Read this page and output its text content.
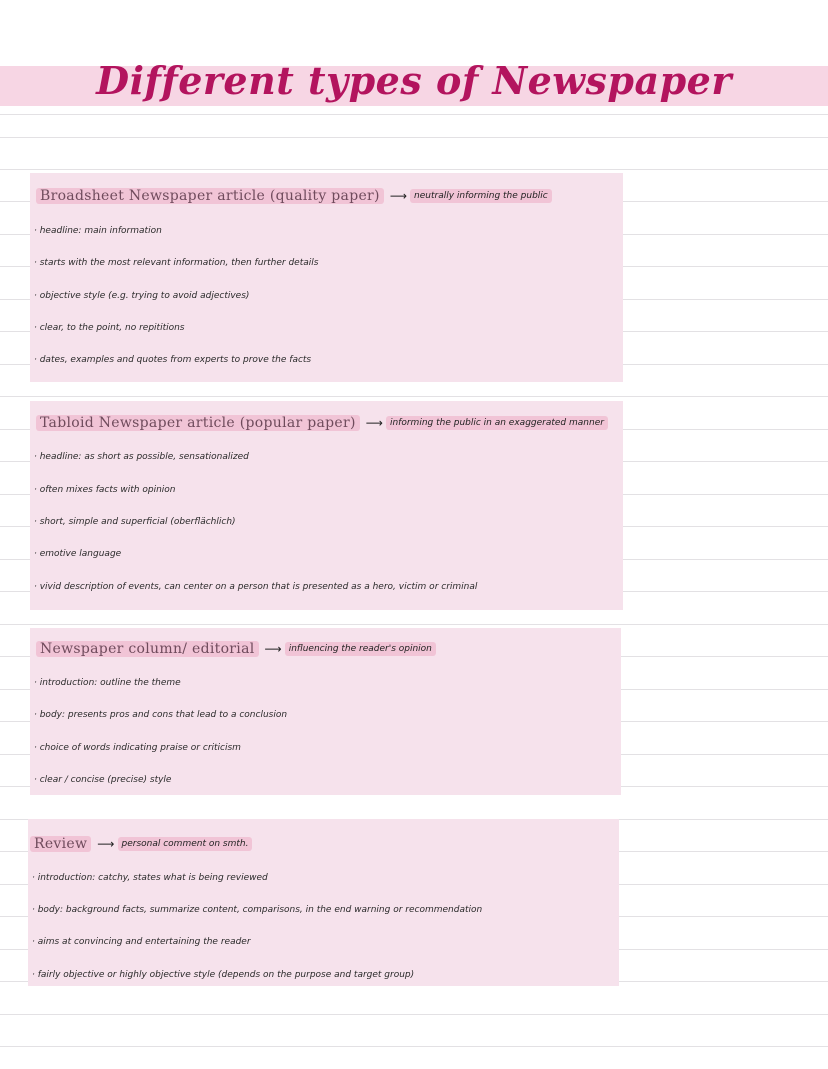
Different types of Newspaper
Broadsheet Newspaper article (quality paper) ⟶ neutrally informing the public
· headline: main information
· starts with the most relevant information, then further details
· objective style (e.g. trying to avoid adjectives)
· clear, to the point, no repititions
· dates, examples and quotes from experts to prove the facts
Tabloid Newspaper article (popular paper) ⟶ informing the public in an exaggerated manner
· headline: as short as possible, sensationalized
· often mixes facts with opinion
· short, simple and superficial (oberflächlich)
· emotive language
· vivid description of events, can center on a person that is presented as a hero, victim or criminal
Newspaper column/ editorial ⟶ influencing the reader's opinion
· introduction: outline the theme
· body: presents pros and cons that lead to a conclusion
· choice of words indicating praise or criticism
· clear / concise (precise) style
Review ⟶ personal comment on smth.
· introduction: catchy, states what is being reviewed
· body: background facts, summarize content, comparisons, in the end warning or recommendation
· aims at convincing and entertaining the reader
· fairly objective or highly objective style (depends on the purpose and target group)
